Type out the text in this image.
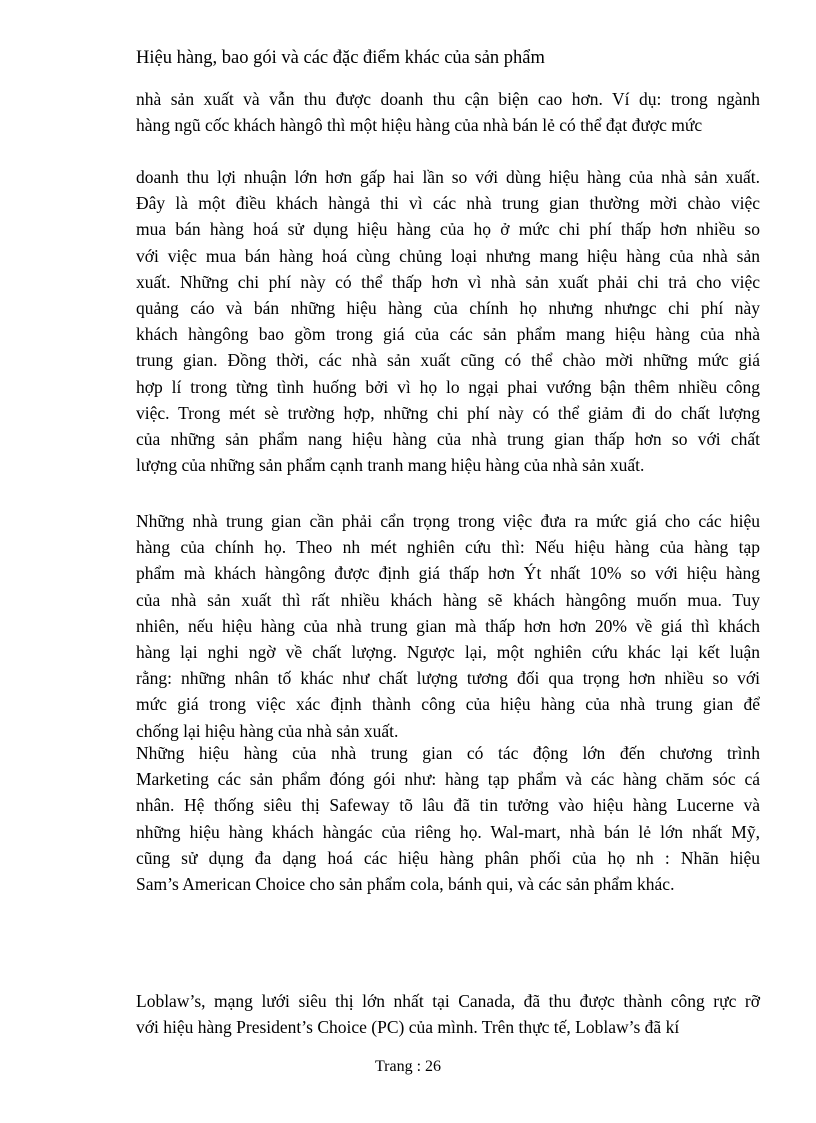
Hiệu hàng, bao gói và các đặc điểm khác của sản phẩm
nhà sản xuất và vẫn thu được doanh thu cận biện cao hơn. Ví dụ: trong ngành
hàng ngũ cốc khách hàngô thì một hiệu hàng của nhà bán lẻ có thể đạt được mức
doanh thu lợi nhuận lớn hơn gấp hai lần so với dùng hiệu hàng của nhà sản xuất.
Đây là một điều khách hàngả thi vì các nhà trung gian thường mời chào việc
mua bán hàng hoá sử dụng hiệu hàng của họ ở mức chi phí thấp hơn nhiều so
với việc mua bán hàng hoá cùng chủng loại nhưng mang hiệu hàng của nhà sản
xuất. Những chi phí này có thể thấp hơn vì nhà sản xuất phải chi trả cho việc
quảng cáo và bán những hiệu hàng của chính họ nhưng nhưngc chi phí này
khách hàngông bao gồm trong giá của các sản phẩm mang hiệu hàng của nhà
trung gian. Đồng thời, các nhà sản xuất cũng có thể chào mời những mức giá
hợp lí trong từng tình huống bởi vì họ lo ngại phai vướng bận thêm nhiều công
việc. Trong mét sè trường hợp, những chi phí này có thể giảm đi do chất lượng
của những sản phẩm nang hiệu hàng của nhà trung gian thấp hơn so với chất
lượng của những sản phẩm cạnh tranh mang hiệu hàng của nhà sản xuất.
Những nhà trung gian cần phải cẩn trọng trong việc đưa ra mức giá cho các hiệu
hàng của chính họ. Theo nh mét nghiên cứu thì: Nếu hiệu hàng của hàng tạp
phẩm mà khách hàngông được định giá thấp hơn Ýt nhất 10% so với hiệu hàng
của nhà sản xuất thì rất nhiều khách hàng sẽ khách hàngông muốn mua. Tuy
nhiên, nếu hiệu hàng của nhà trung gian mà thấp hơn hơn 20% về giá thì khách
hàng lại nghi ngờ về chất lượng. Ngược lại, một nghiên cứu khác lại kết luận
rằng: những nhân tố khác như chất lượng tương đối qua trọng hơn nhiều so với
mức giá trong việc xác định thành công của hiệu hàng của nhà trung gian để
chống lại hiệu hàng của nhà sản xuất.
Những hiệu hàng của nhà trung gian có tác động lớn đến chương trình
Marketing các sản phẩm đóng gói như: hàng tạp phẩm và các hàng chăm sóc cá
nhân. Hệ thống siêu thị Safeway tõ lâu đã tin tưởng vào hiệu hàng Lucerne và
những hiệu hàng khách hàngác của riêng họ. Wal-mart, nhà bán lẻ lớn nhất Mỹ,
cũng sử dụng đa dạng hoá các hiệu hàng phân phối của họ nh : Nhãn hiệu
Sam’s American Choice cho sản phẩm cola, bánh qui, và các sản phẩm khác.
Loblaw’s, mạng lưới siêu thị lớn nhất tại Canada, đã thu được thành công rực rỡ
với hiệu hàng President’s Choice (PC) của mình. Trên thực tế, Loblaw’s đã kí
Trang : 26
